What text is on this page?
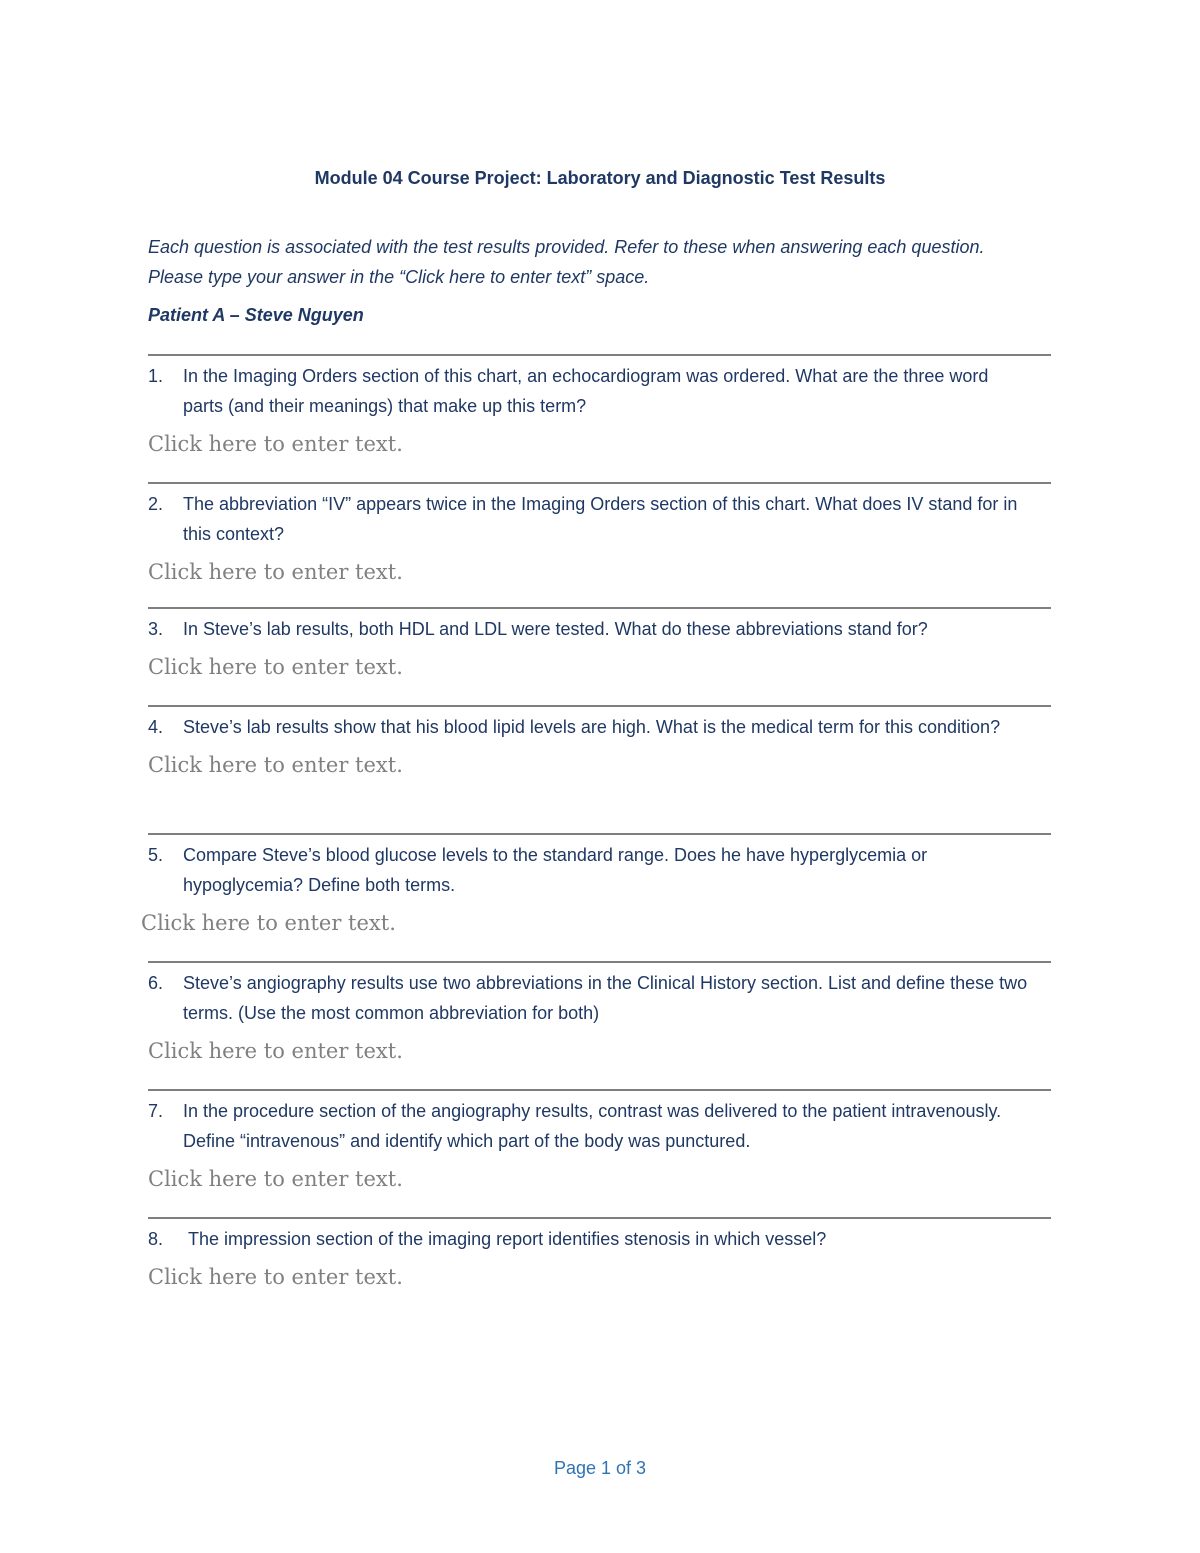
Module 04 Course Project: Laboratory and Diagnostic Test Results
Each question is associated with the test results provided. Refer to these when answering each question. Please type your answer in the “Click here to enter text” space.
Patient A – Steve Nguyen
1.	In the Imaging Orders section of this chart, an echocardiogram was ordered. What are the three word parts (and their meanings) that make up this term?
Click here to enter text.
2.	The abbreviation “IV” appears twice in the Imaging Orders section of this chart. What does IV stand for in this context?
Click here to enter text.
3.	In Steve’s lab results, both HDL and LDL were tested. What do these abbreviations stand for?
Click here to enter text.
4.	Steve’s lab results show that his blood lipid levels are high. What is the medical term for this condition?
Click here to enter text.
5.	Compare Steve’s blood glucose levels to the standard range. Does he have hyperglycemia or hypoglycemia? Define both terms.
Click here to enter text.
6.	Steve’s angiography results use two abbreviations in the Clinical History section. List and define these two terms. (Use the most common abbreviation for both)
Click here to enter text.
7.	In the procedure section of the angiography results, contrast was delivered to the patient intravenously. Define “intravenous” and identify which part of the body was punctured.
Click here to enter text.
8.	The impression section of the imaging report identifies stenosis in which vessel?
Click here to enter text.
Page 1 of 3
